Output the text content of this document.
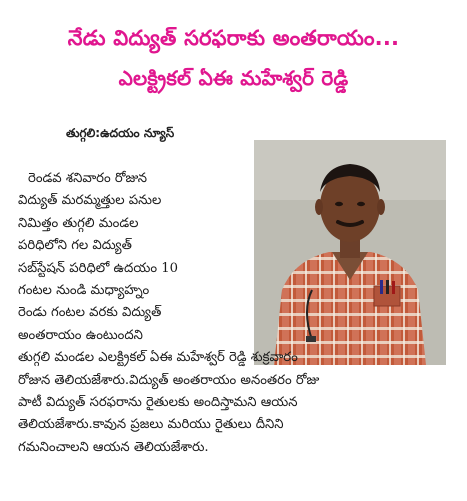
నేడు విద్యుత్ సరఫరాకు అంతరాయం...
ఎలక్ట్రికల్ ఏఈ మహేశ్వర్ రెడ్డి
తుగ్గలి:ఉదయం న్యూస్
రెండవ శనివారం రోజున
విద్యుత్ మరమ్మత్తుల పనుల
నిమిత్తం తుగ్గలి మండల
పరిధిలోని గల విద్యుత్
సబ్‌స్టేషన్ పరిధిలో ఉదయం 10
గంటల నుండి మధ్యాహ్నం
రెండు గంటల వరకు విద్యుత్
అంతరాయం ఉంటుందని
తుగ్గలి మండల ఎలక్ట్రికల్ ఏఈ మహేశ్వర్ రెడ్డి శుక్రవారం
రోజున తెలియజేశారు.విద్యుత్ అంతరాయం అనంతరం రోజు
పాటీ విద్యుత్ సరఫరాను రైతులకు అందిస్తామని ఆయన
తెలియజేశారు.కావున ప్రజలు మరియు రైతులు దీనిని
గమనించాలని ఆయన తెలియజేశారు.
